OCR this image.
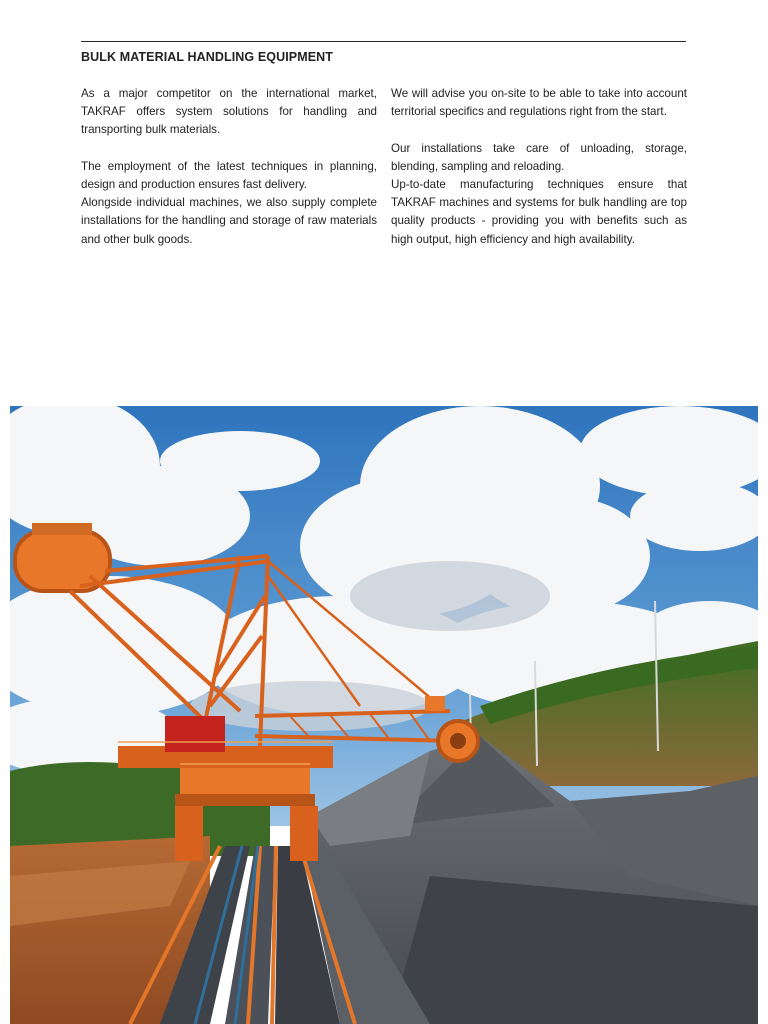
BULK MATERIAL HANDLING EQUIPMENT

As a major competitor on the international market, TAKRAF offers system solutions for handling and transporting bulk materials.

The employment of the latest techniques in planning, design and production ensures fast delivery.

Alongside individual machines, we also supply complete installations for the handling and storage of raw materials and other bulk goods.

We will advise you on-site to be able to take into account territorial specifics and regulations right from the start.

Our installations take care of unloading, storage, blending, sampling and reloading.

Up-to-date manufacturing techniques ensure that TAKRAF machines and systems for bulk handling are top quality products - providing you with benefits such as high output, high efficiency and high availability.
